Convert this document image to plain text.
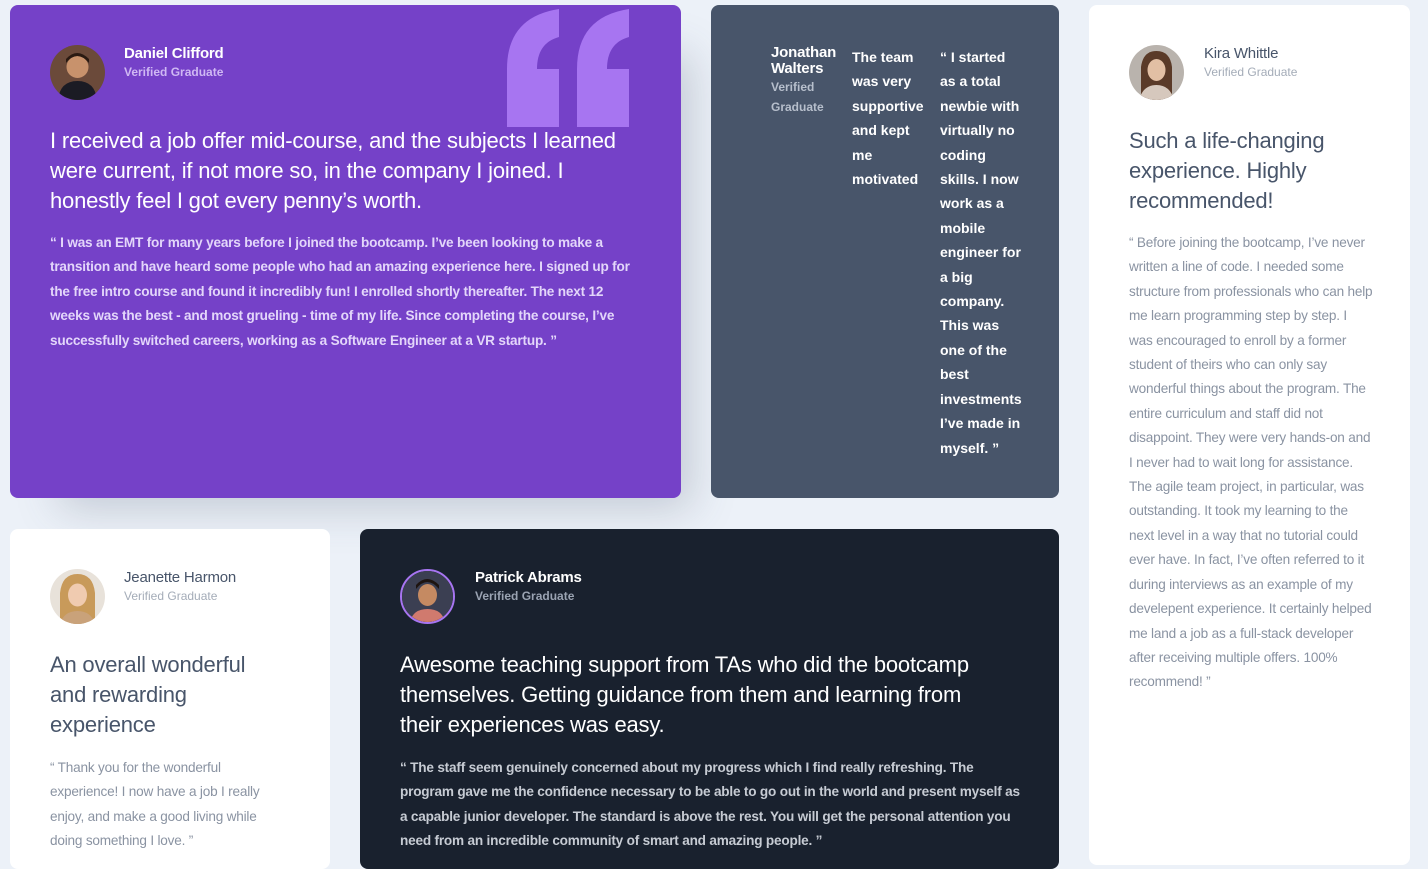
Daniel Clifford
Verified Graduate
I received a job offer mid-course, and the subjects I learned were current, if not more so, in the company I joined. I honestly feel I got every penny’s worth.

“ I was an EMT for many years before I joined the bootcamp. I’ve been looking to make a transition and have heard some people who had an amazing experience here. I signed up for the free intro course and found it incredibly fun! I enrolled shortly thereafter. The next 12 weeks was the best - and most grueling - time of my life. Since completing the course, I’ve successfully switched careers, working as a Software Engineer at a VR startup. ”

Jonathan Walters
Verified Graduate

The team was very supportive and kept me motivated

“ I started as a total newbie with virtually no coding skills. I now work as a mobile engineer for a big company. This was one of the best investments I’ve made in myself. ”

Kira Whittle
Verified Graduate
Such a life-changing experience. Highly recommended!

“ Before joining the bootcamp, I’ve never written a line of code. I needed some structure from professionals who can help me learn programming step by step. I was encouraged to enroll by a former student of theirs who can only say wonderful things about the program. The entire curriculum and staff did not disappoint. They were very hands-on and I never had to wait long for assistance. The agile team project, in particular, was outstanding. It took my learning to the next level in a way that no tutorial could ever have. In fact, I’ve often referred to it during interviews as an example of my develepent experience. It certainly helped me land a job as a full-stack developer after receiving multiple offers. 100% recommend! ”

Jeanette Harmon
Verified Graduate
An overall wonderful and rewarding experience

“ Thank you for the wonderful experience! I now have a job I really enjoy, and make a good living while doing something I love. ”

Patrick Abrams
Verified Graduate
Awesome teaching support from TAs who did the bootcamp themselves. Getting guidance from them and learning from their experiences was easy.

“ The staff seem genuinely concerned about my progress which I find really refreshing. The program gave me the confidence necessary to be able to go out in the world and present myself as a capable junior developer. The standard is above the rest. You will get the personal attention you need from an incredible community of smart and amazing people. ”
